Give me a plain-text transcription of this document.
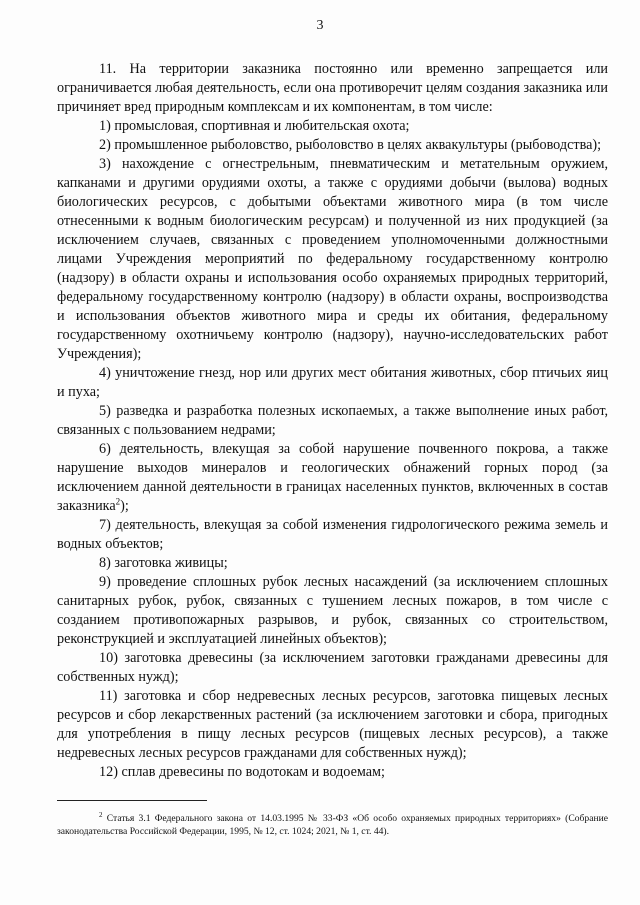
3

11. На территории заказника постоянно или временно запрещается или ограничивается любая деятельность, если она противоречит целям создания заказника или причиняет вред природным комплексам и их компонентам, в том числе:

1) промысловая, спортивная и любительская охота;

2) промышленное рыболовство, рыболовство в целях аквакультуры (рыбоводства);

3) нахождение с огнестрельным, пневматическим и метательным оружием, капканами и другими орудиями охоты, а также с орудиями добычи (вылова) водных биологических ресурсов, с добытыми объектами животного мира (в том числе отнесенными к водным биологическим ресурсам) и полученной из них продукцией (за исключением случаев, связанных с проведением уполномоченными должностными лицами Учреждения мероприятий по федеральному государственному контролю (надзору) в области охраны и использования особо охраняемых природных территорий, федеральному государственному контролю (надзору) в области охраны, воспроизводства и использования объектов животного мира и среды их обитания, федеральному государственному охотничьему контролю (надзору), научно-исследовательских работ Учреждения);

4) уничтожение гнезд, нор или других мест обитания животных, сбор птичьих яиц и пуха;

5) разведка и разработка полезных ископаемых, а также выполнение иных работ, связанных с пользованием недрами;

6) деятельность, влекущая за собой нарушение почвенного покрова, а также нарушение выходов минералов и геологических обнажений горных пород (за исключением данной деятельности в границах населенных пунктов, включенных в состав заказника$^2$);

7) деятельность, влекущая за собой изменения гидрологического режима земель и водных объектов;

8) заготовка живицы;

9) проведение сплошных рубок лесных насаждений (за исключением сплошных санитарных рубок, рубок, связанных с тушением лесных пожаров, в том числе с созданием противопожарных разрывов, и рубок, связанных со строительством, реконструкцией и эксплуатацией линейных объектов);

10) заготовка древесины (за исключением заготовки гражданами древесины для собственных нужд);

11) заготовка и сбор недревесных лесных ресурсов, заготовка пищевых лесных ресурсов и сбор лекарственных растений (за исключением заготовки и сбора, пригодных для употребления в пищу лесных ресурсов (пищевых лесных ресурсов), а также недревесных лесных ресурсов гражданами для собственных нужд);

12) сплав древесины по водотокам и водоемам;

$^2$ Статья 3.1 Федерального закона от 14.03.1995 № 33-ФЗ «Об особо охраняемых природных территориях» (Собрание законодательства Российской Федерации, 1995, № 12, ст. 1024; 2021, № 1, ст. 44).
